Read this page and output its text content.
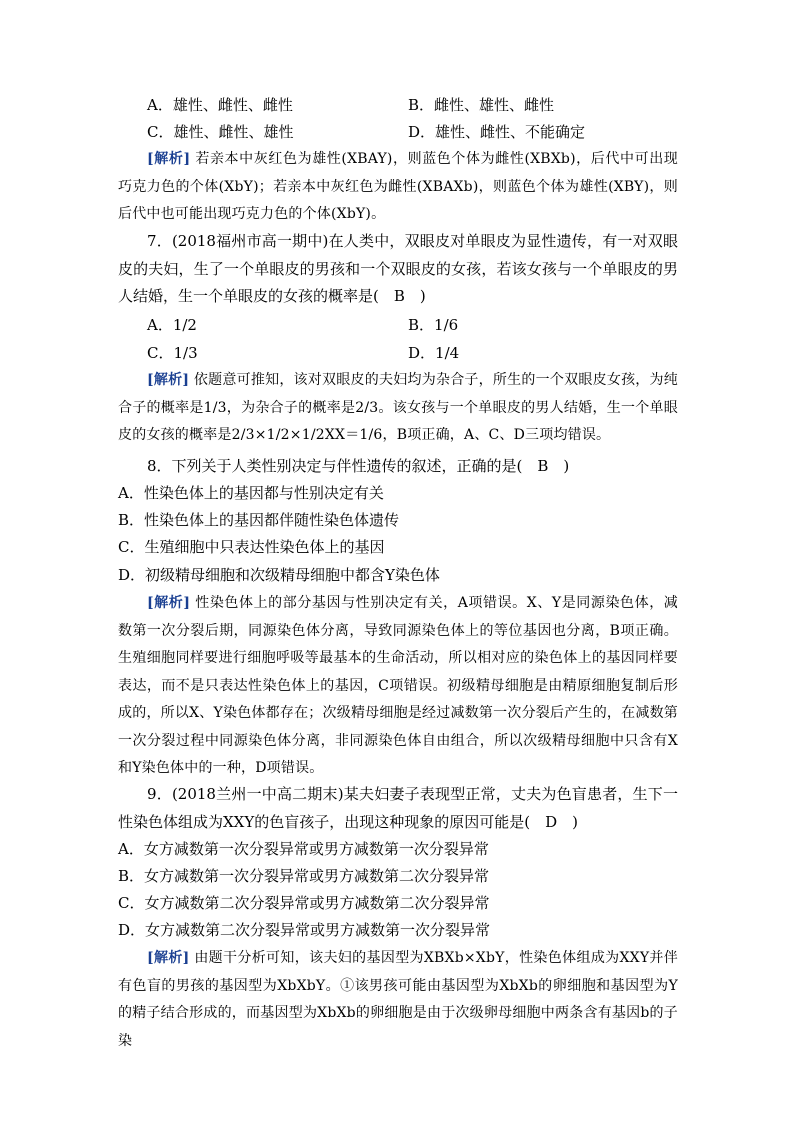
A．雄性、雌性、雌性	B．雌性、雄性、雌性
C．雄性、雌性、雄性	D．雄性、雌性、不能确定
[解析] 若亲本中灰红色为雄性(XBAY)，则蓝色个体为雌性(XBXb)，后代中可出现巧克力色的个体(XbY)；若亲本中灰红色为雌性(XBAXb)，则蓝色个体为雄性(XBY)，则后代中也可能出现巧克力色的个体(XbY)。
7．(2018福州市高一期中)在人类中，双眼皮对单眼皮为显性遗传，有一对双眼皮的夫妇，生了一个单眼皮的男孩和一个双眼皮的女孩，若该女孩与一个单眼皮的男人结婚，生一个单眼皮的女孩的概率是(　B　)
A．1/2	B．1/6
C．1/3	D．1/4
[解析] 依题意可推知，该对双眼皮的夫妇均为杂合子，所生的一个双眼皮女孩，为纯合子的概率是1/3，为杂合子的概率是2/3。该女孩与一个单眼皮的男人结婚，生一个单眼皮的女孩的概率是2/3×1/2×1/2XX＝1/6，B项正确，A、C、D三项均错误。
8．下列关于人类性别决定与伴性遗传的叙述，正确的是(　B　)
A．性染色体上的基因都与性别决定有关
B．性染色体上的基因都伴随性染色体遗传
C．生殖细胞中只表达性染色体上的基因
D．初级精母细胞和次级精母细胞中都含Y染色体
[解析] 性染色体上的部分基因与性别决定有关，A项错误。X、Y是同源染色体，减数第一次分裂后期，同源染色体分离，导致同源染色体上的等位基因也分离，B项正确。生殖细胞同样要进行细胞呼吸等最基本的生命活动，所以相对应的染色体上的基因同样要表达，而不是只表达性染色体上的基因，C项错误。初级精母细胞是由精原细胞复制后形成的，所以X、Y染色体都存在；次级精母细胞是经过减数第一次分裂后产生的，在减数第一次分裂过程中同源染色体分离，非同源染色体自由组合，所以次级精母细胞中只含有X和Y染色体中的一种，D项错误。
9．(2018兰州一中高二期末)某夫妇妻子表现型正常，丈夫为色盲患者，生下一性染色体组成为XXY的色盲孩子，出现这种现象的原因可能是(　D　)
A．女方减数第一次分裂异常或男方减数第一次分裂异常
B．女方减数第一次分裂异常或男方减数第二次分裂异常
C．女方减数第二次分裂异常或男方减数第二次分裂异常
D．女方减数第二次分裂异常或男方减数第一次分裂异常
[解析] 由题干分析可知，该夫妇的基因型为XBXb×XbY，性染色体组成为XXY并伴有色盲的男孩的基因型为XbXbY。①该男孩可能由基因型为XbXb的卵细胞和基因型为Y的精子结合形成的，而基因型为XbXb的卵细胞是由于次级卵母细胞中两条含有基因b的子染
